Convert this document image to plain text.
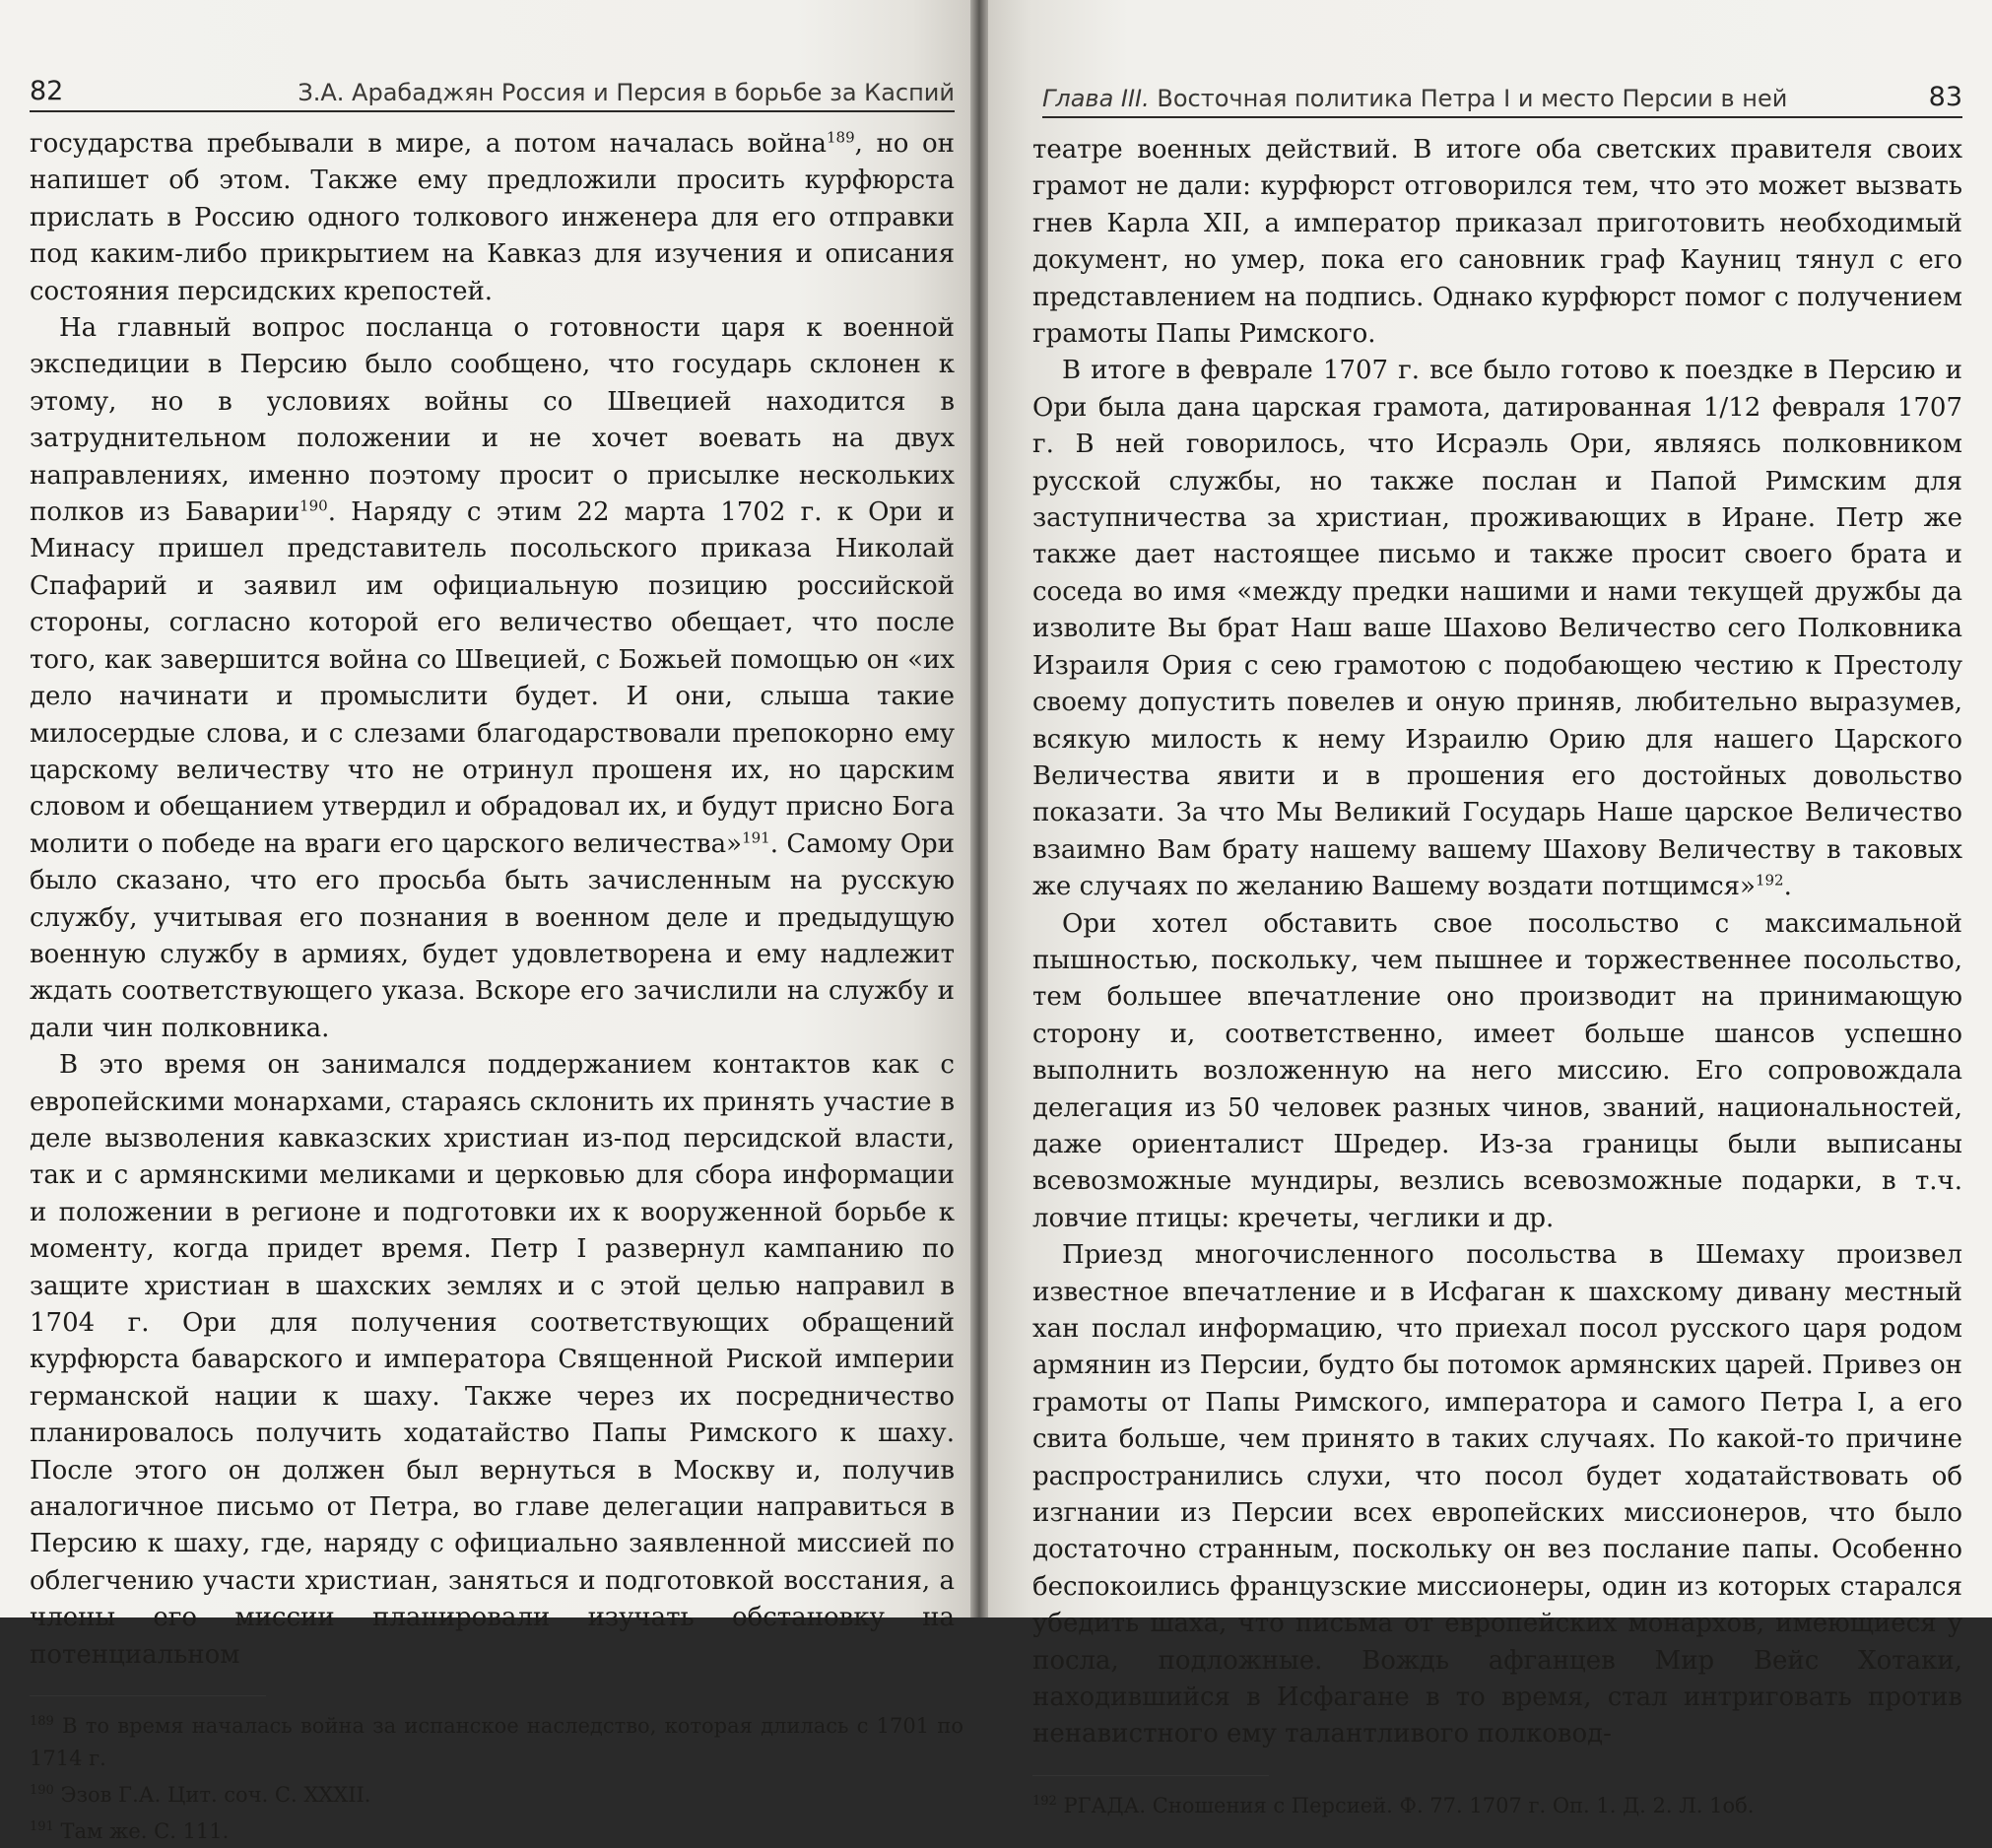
82	З.А. Арабаджян Россия и Персия в борьбе за Каспий

государства пребывали в мире, а потом началась война$^{189}$, но он напишет об этом. Также ему предложили просить курфюрста прислать в Россию одного толкового инженера для его отправки под каким-либо прикрытием на Кавказ для изучения и описания состояния персидских крепостей.

На главный вопрос посланца о готовности царя к военной экспедиции в Персию было сообщено, что государь склонен к этому, но в условиях войны со Швецией находится в затруднительном положении и не хочет воевать на двух направлениях, именно поэтому просит о присылке нескольких полков из Баварии$^{190}$. Наряду с этим 22 марта 1702 г. к Ори и Минасу пришел представитель посольского приказа Николай Спафарий и заявил им официальную позицию российской стороны, согласно которой его величество обещает, что после того, как завершится война со Швецией, с Божьей помощью он «их дело начинати и промыслити будет. И они, слыша такие милосердые слова, и с слезами благодарствовали препокорно ему царскому величеству что не отринул прошеня их, но царским словом и обещанием утвердил и обрадовал их, и будут присно Бога молити о победе на враги его царского величества»$^{191}$. Самому Ори было сказано, что его просьба быть зачисленным на русскую службу, учитывая его познания в военном деле и предыдущую военную службу в армиях, будет удовлетворена и ему надлежит ждать соответствующего указа. Вскоре его зачислили на службу и дали чин полковника.

В это время он занимался поддержанием контактов как с европейскими монархами, стараясь склонить их принять участие в деле вызволения кавказских христиан из-под персидской власти, так и с армянскими меликами и церковью для сбора информации и положении в регионе и подготовки их к вооруженной борьбе к моменту, когда придет время. Петр I развернул кампанию по защите христиан в шахских землях и с этой целью направил в 1704 г. Ори для получения соответствующих обращений курфюрста баварского и императора Священной Риской империи германской нации к шаху. Также через их посредничество планировалось получить ходатайство Папы Римского к шаху. После этого он должен был вернуться в Москву и, получив аналогичное письмо от Петра, во главе делегации направиться в Персию к шаху, где, наряду с официально заявленной миссией по облегчению участи христиан, заняться и подготовкой восстания, а члены его миссии планировали изучать обстановку на потенциальном

$^{189}$ В то время началась война за испанское наследство, которая длилась с 1701 по 1714 г.
$^{190}$ Эзов Г.А. Цит. соч. С. XXXII.
$^{191}$ Там же. С. 111.
Глава III. Восточная политика Петра I и место Персии в ней	83

театре военных действий. В итоге оба светских правителя своих грамот не дали: курфюрст отговорился тем, что это может вызвать гнев Карла XII, а император приказал приготовить необходимый документ, но умер, пока его сановник граф Кауниц тянул с его представлением на подпись. Однако курфюрст помог с получением грамоты Папы Римского.

В итоге в феврале 1707 г. все было готово к поездке в Персию и Ори была дана царская грамота, датированная 1/12 февраля 1707 г. В ней говорилось, что Исраэль Ори, являясь полковником русской службы, но также послан и Папой Римским для заступничества за христиан, проживающих в Иране. Петр же также дает настоящее письмо и также просит своего брата и соседа во имя «между предки нашими и нами текущей дружбы да изволите Вы брат Наш ваше Шахово Величество сего Полковника Израиля Ория с сею грамотою с подобающею честию к Престолу своему допустить повелев и оную приняв, любительно выразумев, всякую милость к нему Израилю Орию для нашего Царского Величества явити и в прошения его достойных довольство показати. За что Мы Великий Государь Наше царское Величество взаимно Вам брату нашему вашему Шахову Величеству в таковых же случаях по желанию Вашему воздати потщимся»$^{192}$.

Ори хотел обставить свое посольство с максимальной пышностью, поскольку, чем пышнее и торжественнее посольство, тем большее впечатление оно производит на принимающую сторону и, соответственно, имеет больше шансов успешно выполнить возложенную на него миссию. Его сопровождала делегация из 50 человек разных чинов, званий, национальностей, даже ориенталист Шредер. Из-за границы были выписаны всевозможные мундиры, везлись всевозможные подарки, в т.ч. ловчие птицы: кречеты, чеглики и др.

Приезд многочисленного посольства в Шемаху произвел известное впечатление и в Исфаган к шахскому дивану местный хан послал информацию, что приехал посол русского царя родом армянин из Персии, будто бы потомок армянских царей. Привез он грамоты от Папы Римского, императора и самого Петра I, а его свита больше, чем принято в таких случаях. По какой-то причине распространились слухи, что посол будет ходатайствовать об изгнании из Персии всех европейских миссионеров, что было достаточно странным, поскольку он вез послание папы. Особенно беспокоились французские миссионеры, один из которых старался убедить шаха, что письма от европейских монархов, имеющиеся у посла, подложные. Вождь афганцев Мир Вейс Хотаки, находившийся в Исфагане в то время, стал интриговать против ненавистного ему талантливого полковод-

$^{192}$ РГАДА. Сношения с Персией. Ф. 77. 1707 г. Оп. 1. Д. 2. Л. 1об.
